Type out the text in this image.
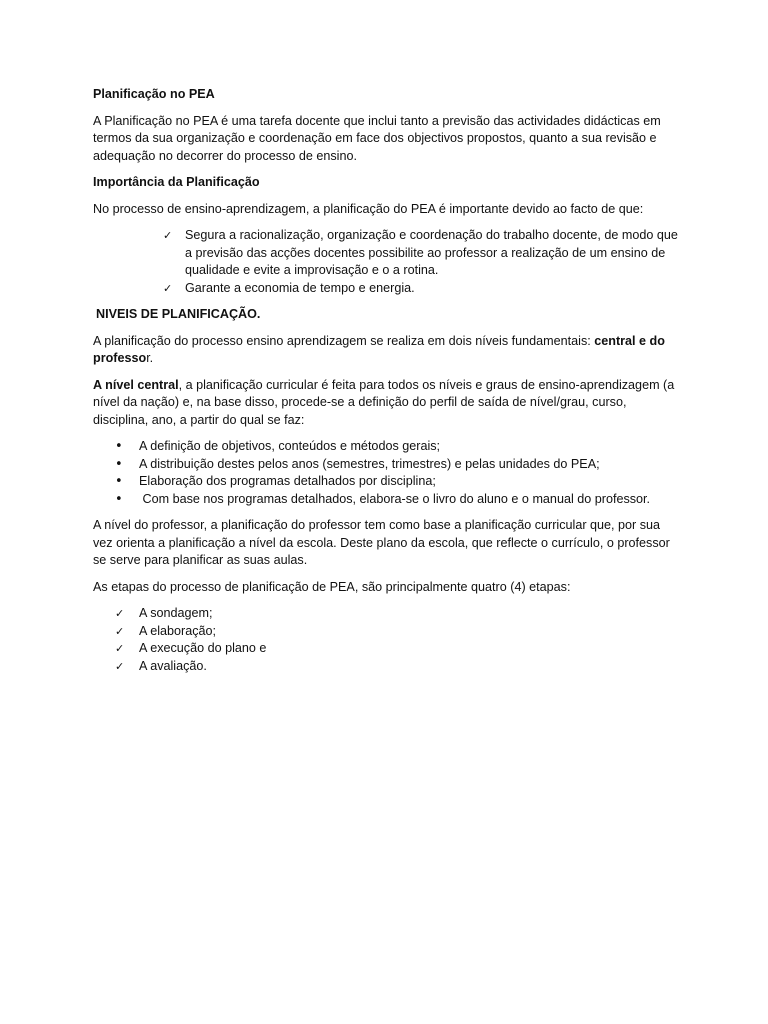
Planificação no PEA

A Planificação no PEA é uma tarefa docente que inclui tanto a previsão das actividades didácticas em termos da sua organização e coordenação em face dos objectivos propostos, quanto a sua revisão e adequação no decorrer do processo de ensino.

Importância da Planificação

No processo de ensino-aprendizagem, a planificação do PEA é importante devido ao facto de que:

✓ Segura a racionalização, organização e coordenação do trabalho docente, de modo que a previsão das acções docentes possibilite ao professor a realização de um ensino de qualidade e evite a improvisação e o a rotina.
✓ Garante a economia de tempo e energia.
NIVEIS DE PLANIFICAÇÃO.

A planificação do processo ensino aprendizagem se realiza em dois níveis fundamentais: central e do professor.

A nível central, a planificação curricular é feita para todos os níveis e graus de ensino-aprendizagem (a nível da nação) e, na base disso, procede-se a definição do perfil de saída de nível/grau, curso, disciplina, ano, a partir do qual se faz:

• A definição de objetivos, conteúdos e métodos gerais;
• A distribuição destes pelos anos (semestres, trimestres) e pelas unidades do PEA;
• Elaboração dos programas detalhados por disciplina;
• Com base nos programas detalhados, elabora-se o livro do aluno e o manual do professor.

A nível do professor, a planificação do professor tem como base a planificação curricular que, por sua vez orienta a planificação a nível da escola. Deste plano da escola, que reflecte o currículo, o professor se serve para planificar as suas aulas.

As etapas do processo de planificação de PEA, são principalmente quatro (4) etapas:

✓ A sondagem;
✓ A elaboração;
✓ A execução do plano e
✓ A avaliação.
